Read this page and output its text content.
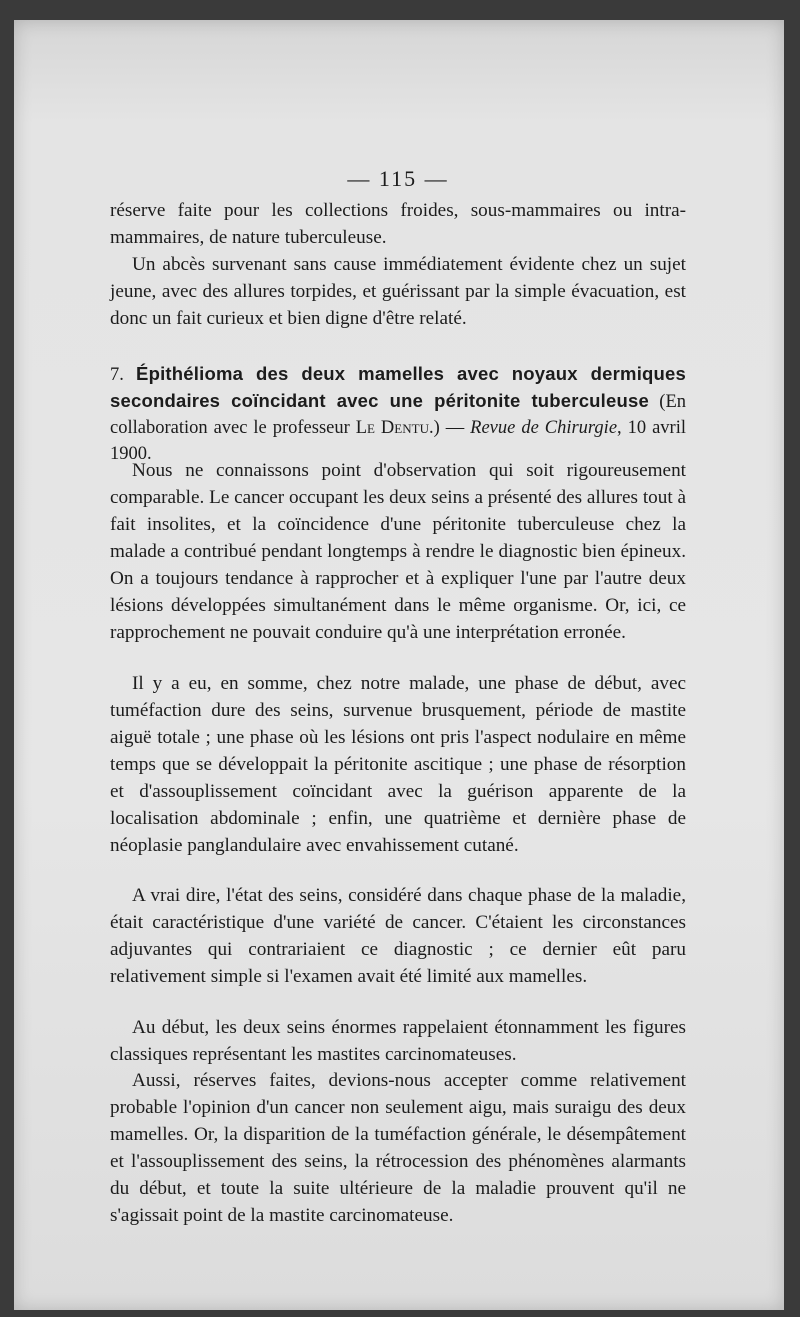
— 115 —

réserve faite pour les collections froides, sous-mammaires ou intra-mammaires, de nature tuberculeuse.

Un abcès survenant sans cause immédiatement évidente chez un sujet jeune, avec des allures torpides, et guérissant par la simple évacuation, est donc un fait curieux et bien digne d'être relaté.

7. Épithélioma des deux mamelles avec noyaux dermiques secondaires coïncidant avec une péritonite tuberculeuse (En collaboration avec le professeur Le Dentu.) — Revue de Chirurgie, 10 avril 1900.

Nous ne connaissons point d'observation qui soit rigoureusement comparable. Le cancer occupant les deux seins a présenté des allures tout à fait insolites, et la coïncidence d'une péritonite tuberculeuse chez la malade a contribué pendant longtemps à rendre le diagnostic bien épineux. On a toujours tendance à rapprocher et à expliquer l'une par l'autre deux lésions développées simultanément dans le même organisme. Or, ici, ce rapprochement ne pouvait conduire qu'à une interprétation erronée.

Il y a eu, en somme, chez notre malade, une phase de début, avec tuméfaction dure des seins, survenue brusquement, période de mastite aiguë totale ; une phase où les lésions ont pris l'aspect nodulaire en même temps que se développait la péritonite ascitique ; une phase de résorption et d'assouplissement coïncidant avec la guérison apparente de la localisation abdominale ; enfin, une quatrième et dernière phase de néoplasie panglandulaire avec envahissement cutané.

A vrai dire, l'état des seins, considéré dans chaque phase de la maladie, était caractéristique d'une variété de cancer. C'étaient les circonstances adjuvantes qui contrariaient ce diagnostic ; ce dernier eût paru relativement simple si l'examen avait été limité aux mamelles.

Au début, les deux seins énormes rappelaient étonnamment les figures classiques représentant les mastites carcinomateuses.

Aussi, réserves faites, devions-nous accepter comme relativement probable l'opinion d'un cancer non seulement aigu, mais suraigu des deux mamelles. Or, la disparition de la tuméfaction générale, le désempâtement et l'assouplissement des seins, la rétrocession des phénomènes alarmants du début, et toute la suite ultérieure de la maladie prouvent qu'il ne s'agissait point de la mastite carcinomateuse.
